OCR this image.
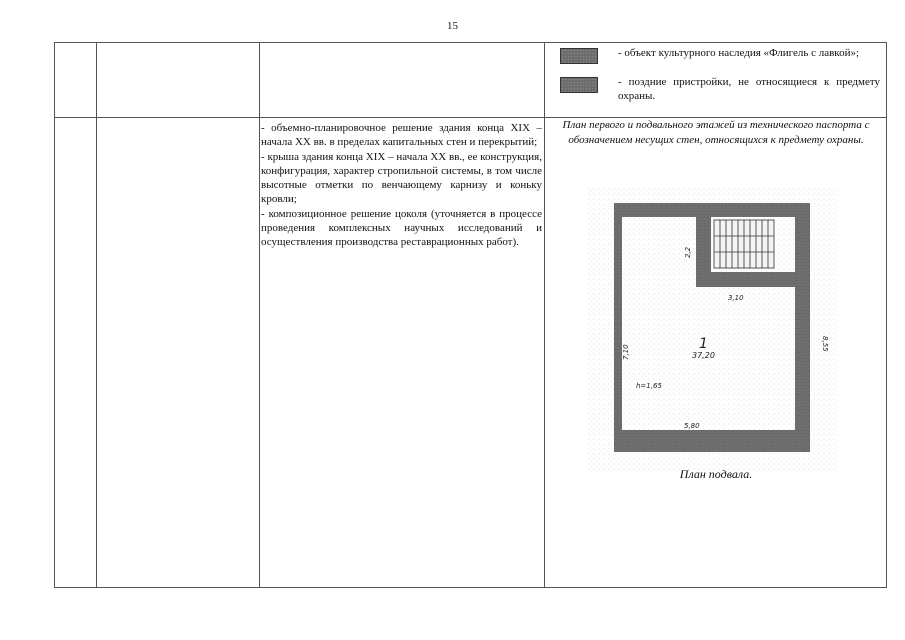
15
- объект культурного наследия «Флигель с лавкой»;
- поздние пристройки, не относящиеся к предмету охраны.

- объемно-планировочное решение здания конца XIX – начала XX вв. в пределах капитальных стен и перекрытий;

- крыша здания конца XIX – начала XX вв., ее конструкция, конфигурация, характер стропильной системы, в том числе высотные отметки по венчающему карнизу и коньку кровли;

- композиционное решение цоколя (уточняется в процессе проведения комплексных научных исследований и осуществления производства реставрационных работ).

План первого и подвального этажей из технического паспорта с обозначением несущих стен, относящихся к предмету охраны.
2,2
3,10
7,10
8,55
1
37,20
h=1,65
5,80
6,50
План подвала.
